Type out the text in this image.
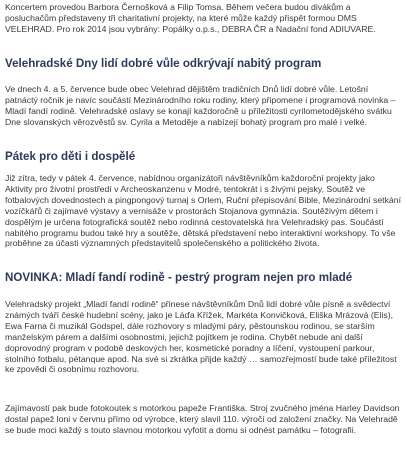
Koncertem provedou Barbora Černošková a Filip Tomsa. Během večera budou divákům a posluchačům představeny tři charitativní projekty, na které může každý přispět formou DMS VELEHRAD. Pro rok 2014 jsou vybrány: Popálky o.p.s., DEBRA ČR a Nadační fond ADIUVARE.

Velehradské Dny lidí dobré vůle odkrývají nabitý program

Ve dnech 4. a 5. července bude obec Velehrad dějištěm tradičních Dnů lidí dobré vůle. Letošní patnáctý ročník je navíc součástí Mezinárodního roku rodiny, který připomene i programová novinka – Mladí fandí rodině. Velehradské oslavy se konají každoročně u příležitosti cyrilometodějského svátku Dne slovanských věrozvěstů sv. Cyrila a Metoděje a nabízejí bohatý program pro malé i velké.

Pátek pro děti i dospělé

Již zítra, tedy v pátek 4. července, nabídnou organizátoři návštěvníkům každoroční projekty jako Aktivity pro životní prostředí v Archeoskanzenu v Modré, tentokrát i s živými pejsky, Soutěž ve fotbalových dovednostech a pingpongový turnaj s Orlem, Ruční přepisování Bible, Mezinárodní setkání vozíčkářů či zajímavé výstavy a vernisáže v prostorách Stojanova gymnázia. Soutěživým dětem i dospělým je určena fotografická soutěž nebo rodinná cestovatelská hra Velehradský pas. Součástí nabitého programu budou také hry a soutěže, dětská představení nebo interaktivní workshopy. To vše proběhne za účasti významných představitelů společenského a politického života.

NOVINKA: Mladí fandí rodině - pestrý program nejen pro mladé

Velehradský projekt „Mladí fandí rodině“ přinese návštěvníkům Dnů lidí dobré vůle písně a svědectví známých tváří české hudební scény, jako je Láďa Křížek, Markéta Konvičková, Eliška Mrázová (Elis), Ewa Farna či muzikál Godspel, dále rozhovory s mladými páry, pěstounskou rodinou, se starším manželským párem a dalšími osobnostmi, jejichž pojítkem je rodina. Chybět nebude ani další doprovodný program v podobě deskových her, kosmetické poradny a líčení, vystoupení parkour, stolního fotbalu, pétanque apod. Na své si zkrátka přijde každý … samozřejmostí bude také příležitost ke zpovědi či osobnímu rozhovoru.

Zajímavostí pak bude fotokoutek s motorkou papeže Františka. Stroj zvučného jména Harley Davidson dostal papež loni v červnu přímo od výrobce, který slavil 110. výročí od založení značky. Na Velehradě se bude moci každý s touto slavnou motorkou vyfotit a domu si odnést památku – fotografii.
